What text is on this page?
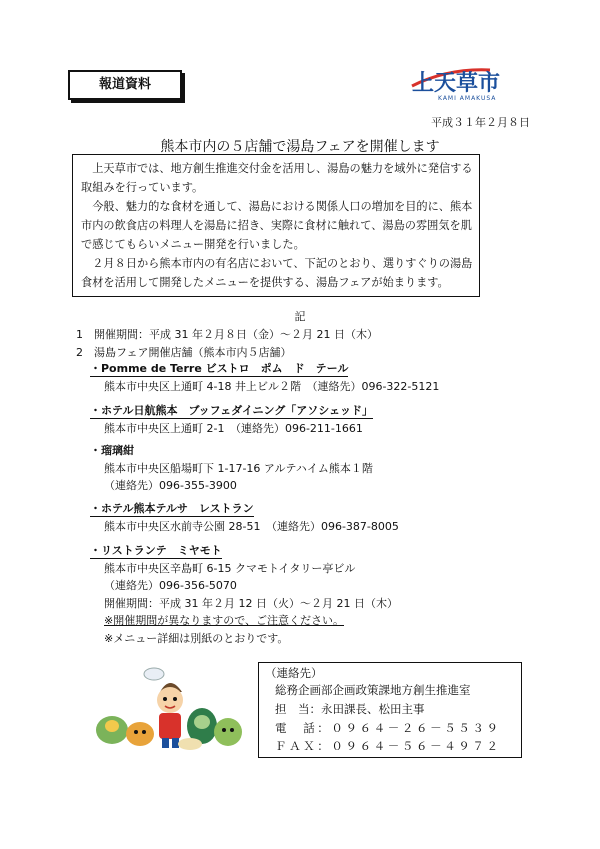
報道資料	上天草市
KAMI AMAKUSA
平成３１年２月８日
熊本市内の５店舗で湯島フェアを開催します

上天草市では、地方創生推進交付金を活用し、湯島の魅力を域外に発信する取組みを行っています。

今般、魅力的な食材を通して、湯島における関係人口の増加を目的に、熊本市内の飲食店の料理人を湯島に招き、実際に食材に触れて、湯島の雰囲気を肌で感じてもらいメニュー開発を行いました。

２月８日から熊本市内の有名店において、下記のとおり、選りすぐりの湯島食材を活用して開発したメニューを提供する、湯島フェアが始まります。

記
1　開催期間：平成 31 年２月８日（金）～２月 21 日（木）
2　湯島フェア開催店舗（熊本市内５店舗）
・Pomme de Terre ビストロ　ポム　ド　テール
熊本市中央区上通町 4-18 井上ビル２階　（連絡先）096-322-5121
・ホテル日航熊本　ブッフェダイニング「アソシェッド」
熊本市中央区上通町 2-1　（連絡先）096-211-1661
・瑠璃紺
熊本市中央区船場町下 1-17-16 アルテハイム熊本１階
（連絡先）096-355-3900
・ホテル熊本テルサ　レストラン
熊本市中央区水前寺公園 28-51　（連絡先）096-387-8005
・リストランテ　ミヤモト
熊本市中央区辛島町 6-15 クマモトイタリー亭ビル
（連絡先）096-356-5070
開催期間：平成 31 年２月 12 日（火）～２月 21 日（木）
※開催期間が異なりますので、ご注意ください。
※メニュー詳細は別紙のとおりです。
（連絡先）
総務企画部企画政策課地方創生推進室
担　当：永田課長、松田主事
電　話：０９６４－２６－５５３９
ＦＡＸ：０９６４－５６－４９７２
